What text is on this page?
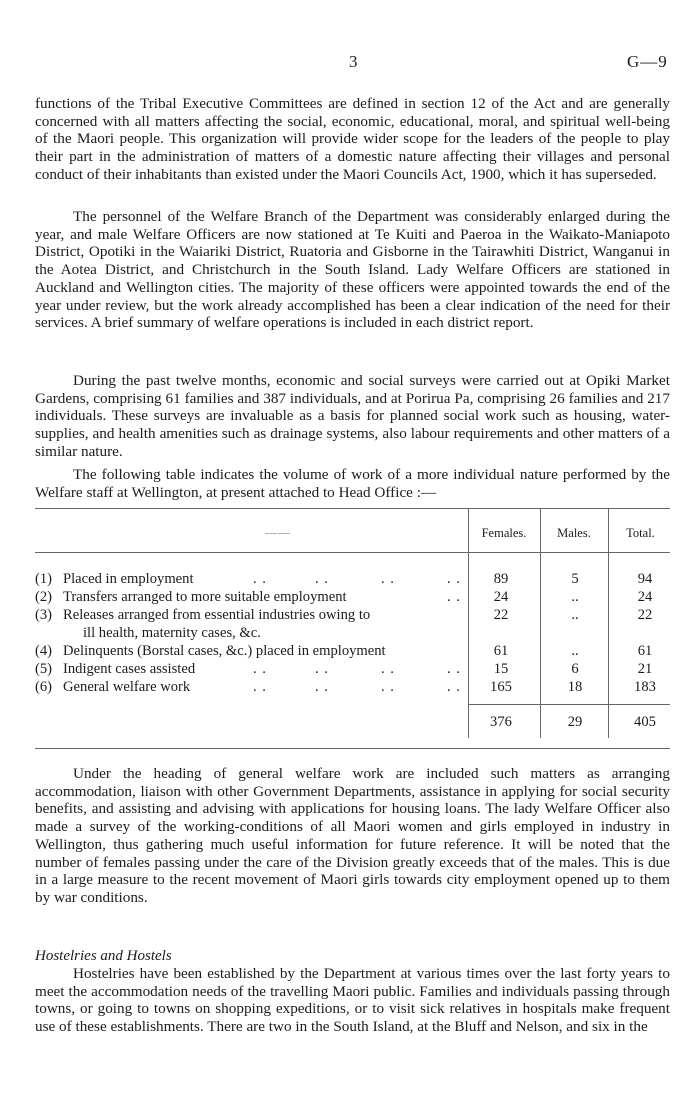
3	G—9

functions of the Tribal Executive Committees are defined in section 12 of the Act and are generally concerned with all matters affecting the social, economic, educational, moral, and spiritual well-being of the Maori people. This organization will provide wider scope for the leaders of the people to play their part in the administration of matters of a domestic nature affecting their villages and personal conduct of their inhabitants than existed under the Maori Councils Act, 1900, which it has superseded.

The personnel of the Welfare Branch of the Department was considerably enlarged during the year, and male Welfare Officers are now stationed at Te Kuiti and Paeroa in the Waikato-Maniapoto District, Opotiki in the Waiariki District, Ruatoria and Gisborne in the Tairawhiti District, Wanganui in the Aotea District, and Christchurch in the South Island. Lady Welfare Officers are stationed in Auckland and Wellington cities. The majority of these officers were appointed towards the end of the year under review, but the work already accomplished has been a clear indication of the need for their services. A brief summary of welfare operations is included in each district report.

During the past twelve months, economic and social surveys were carried out at Opiki Market Gardens, comprising 61 families and 387 individuals, and at Porirua Pa, comprising 26 families and 217 individuals. These surveys are invaluable as a basis for planned social work such as housing, water-supplies, and health amenities such as drainage systems, also labour requirements and other matters of a similar nature.

The following table indicates the volume of work of a more individual nature performed by the Welfare staff at Wellington, at present attached to Head Office :—

——	Females.	Males.	Total.
(1) Placed in employment	. .	. .	. .	. .	89	5	94
(2) Transfers arranged to more suitable employment	. .	24	..	24
(3) Releases arranged from essential industries owing to	22	..	22
ill health, maternity cases, &c.
(4) Delinquents (Borstal cases, &c.) placed in employment	61	..	61
(5) Indigent cases assisted	. .	. .	. .	. .	15	6	21
(6) General welfare work	. .	. .	. .	. .	165	18	183
376	29	405

Under the heading of general welfare work are included such matters as arranging accommodation, liaison with other Government Departments, assistance in applying for social security benefits, and assisting and advising with applications for housing loans. The lady Welfare Officer also made a survey of the working-conditions of all Maori women and girls employed in industry in Wellington, thus gathering much useful information for future reference. It will be noted that the number of females passing under the care of the Division greatly exceeds that of the males. This is due in a large measure to the recent movement of Maori girls towards city employment opened up to them by war conditions.

Hostelries and Hostels

Hostelries have been established by the Department at various times over the last forty years to meet the accommodation needs of the travelling Maori public. Families and individuals passing through towns, or going to towns on shopping expeditions, or to visit sick relatives in hospitals make frequent use of these establishments. There are two in the South Island, at the Bluff and Nelson, and six in the
